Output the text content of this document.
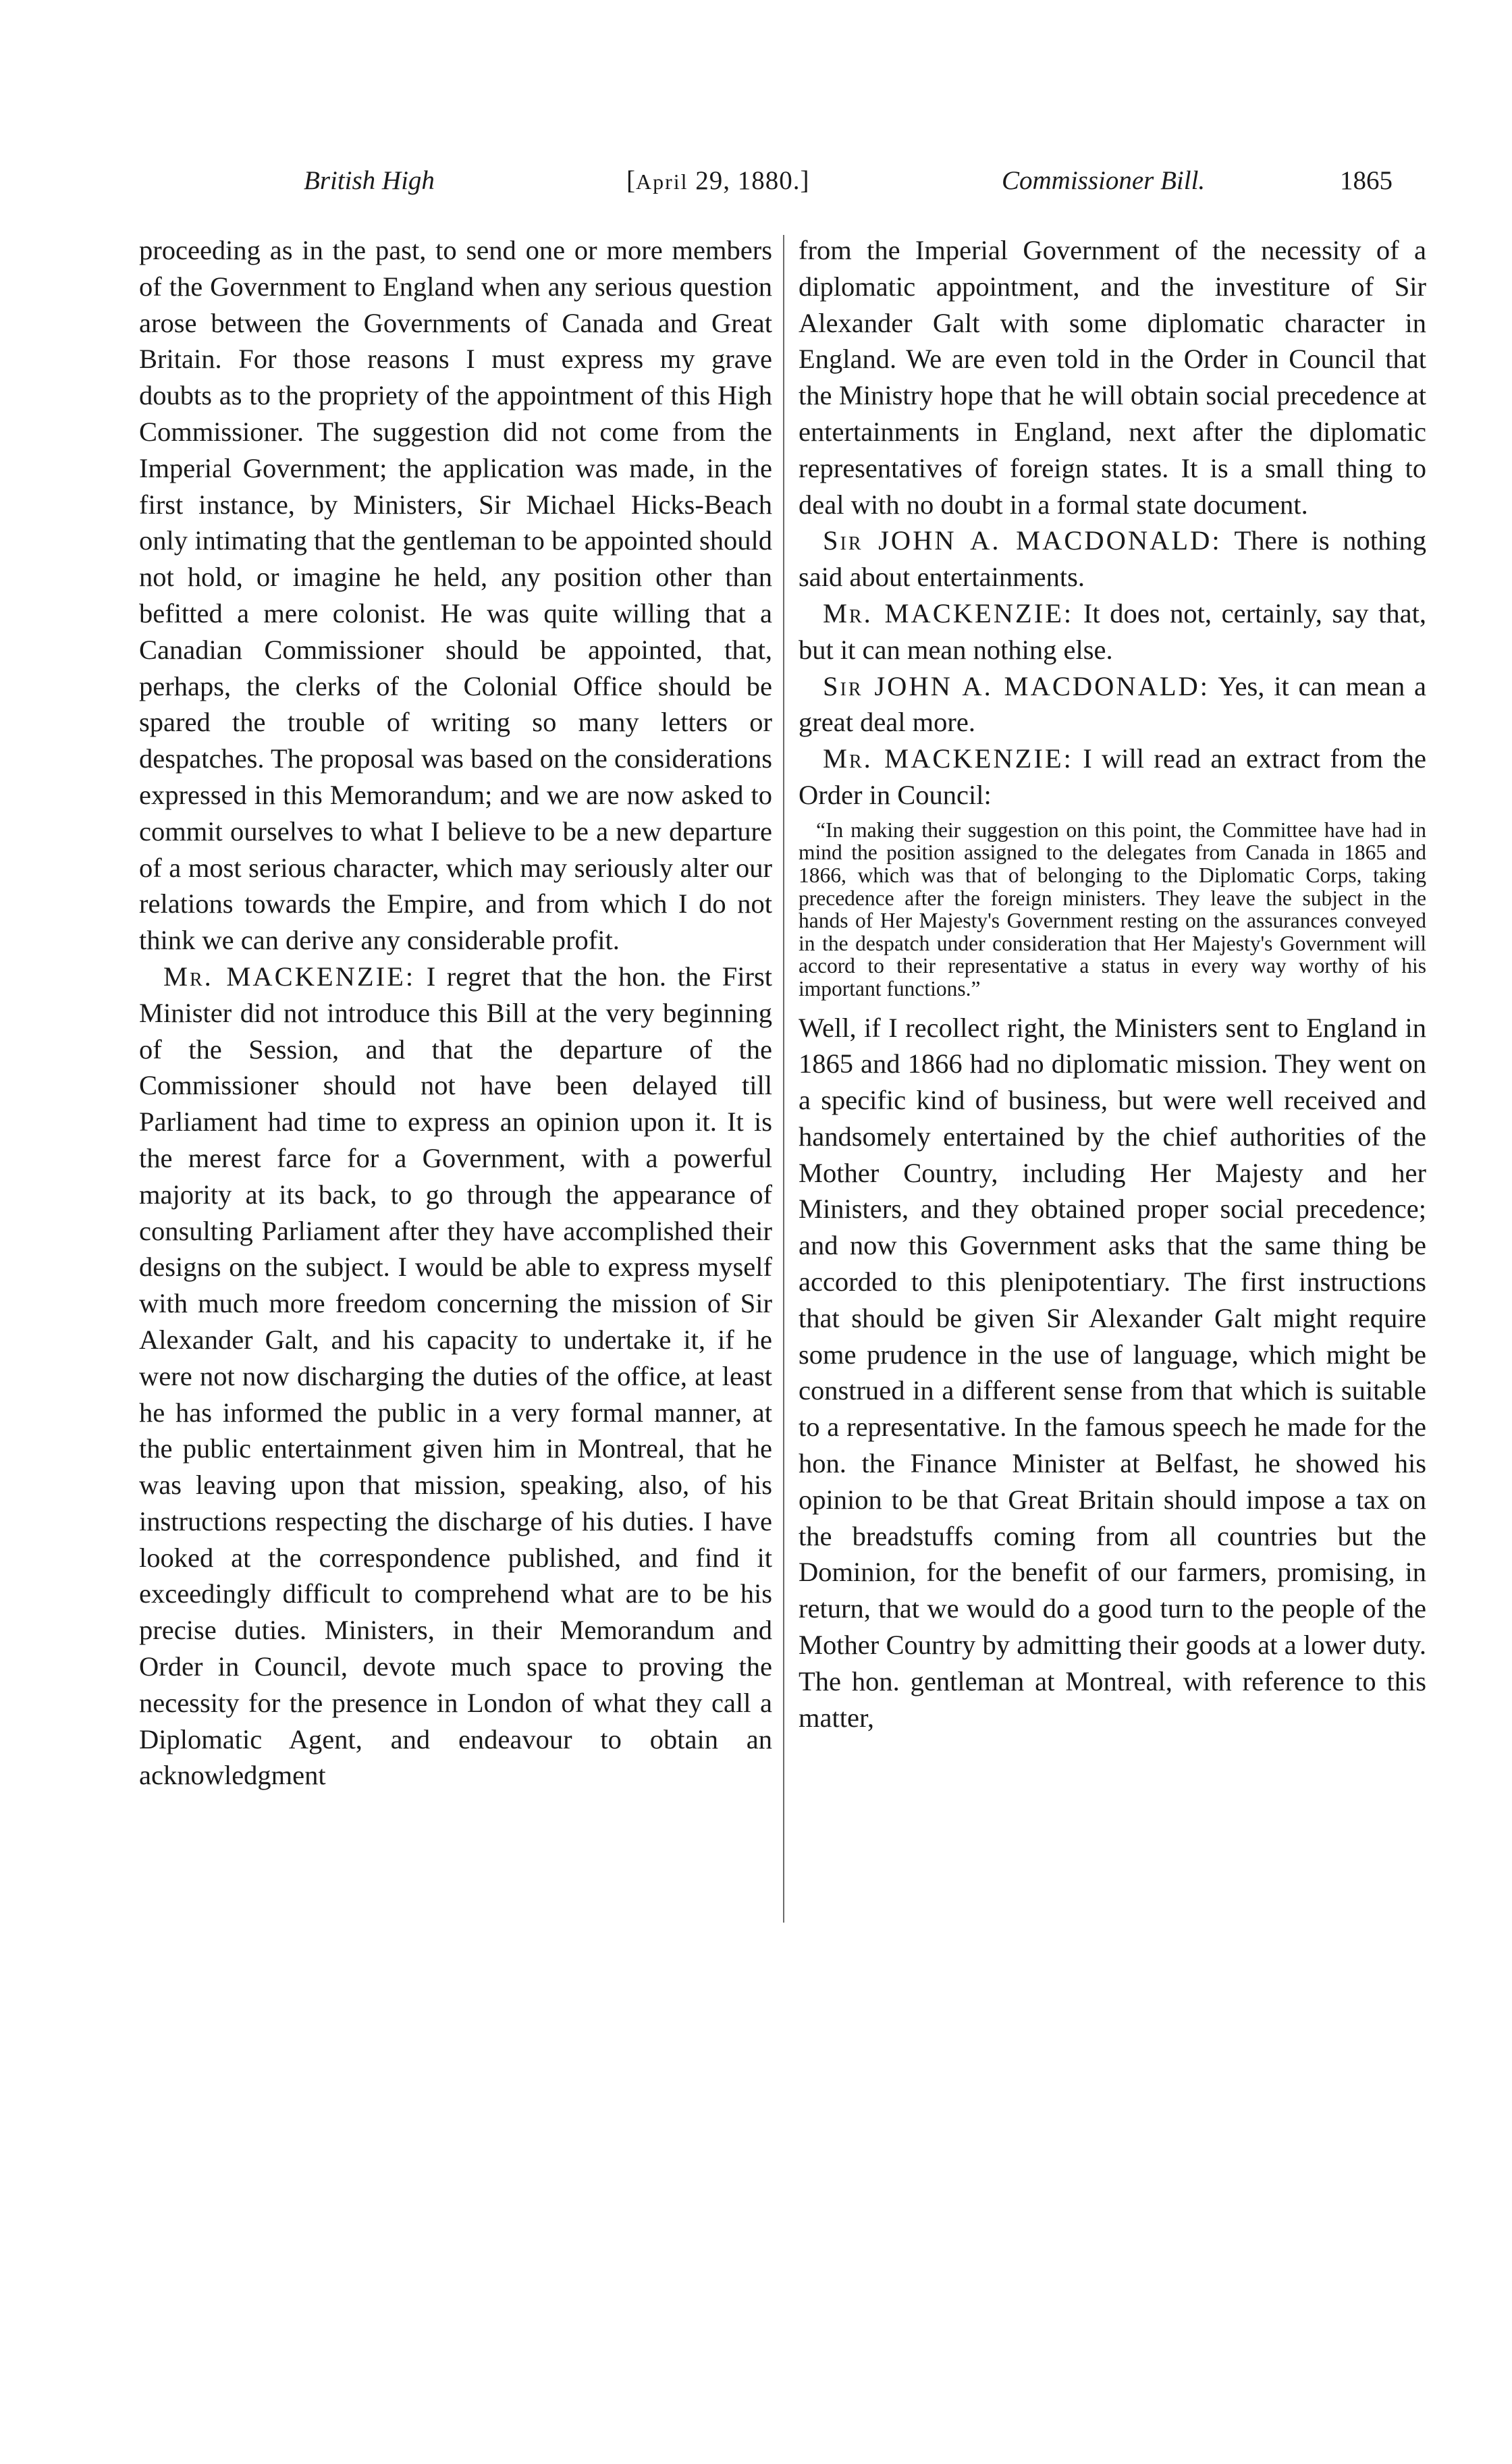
British High	[April 29, 1880.]	Commissioner Bill.	1865

proceeding as in the past, to send one or more members of the Government to England when any serious question arose between the Governments of Canada and Great Britain. For those reasons I must express my grave doubts as to the propriety of the appointment of this High Commissioner. The suggestion did not come from the Imperial Government; the application was made, in the first instance, by Ministers, Sir Michael Hicks-Beach only intimating that the gentleman to be appointed should not hold, or imagine he held, any position other than befitted a mere colonist. He was quite willing that a Canadian Commissioner should be appointed, that, perhaps, the clerks of the Colonial Office should be spared the trouble of writing so many letters or despatches. The proposal was based on the considerations expressed in this Memorandum; and we are now asked to commit ourselves to what I believe to be a new departure of a most serious character, which may seriously alter our relations towards the Empire, and from which I do not think we can derive any considerable profit.

Mr. MACKENZIE: I regret that the hon. the First Minister did not introduce this Bill at the very beginning of the Session, and that the departure of the Commissioner should not have been delayed till Parliament had time to express an opinion upon it. It is the merest farce for a Government, with a powerful majority at its back, to go through the appearance of consulting Parliament after they have accomplished their designs on the subject. I would be able to express myself with much more freedom concerning the mission of Sir Alexander Galt, and his capacity to undertake it, if he were not now discharging the duties of the office, at least he has informed the public in a very formal manner, at the public entertainment given him in Montreal, that he was leaving upon that mission, speaking, also, of his instructions respecting the discharge of his duties. I have looked at the correspondence published, and find it exceedingly difficult to comprehend what are to be his precise duties. Ministers, in their Memorandum and Order in Council, devote much space to proving the necessity for the presence in London of what they call a Diplomatic Agent, and endeavour to obtain an acknowledgment

from the Imperial Government of the necessity of a diplomatic appointment, and the investiture of Sir Alexander Galt with some diplomatic character in England. We are even told in the Order in Council that the Ministry hope that he will obtain social precedence at entertainments in England, next after the diplomatic representatives of foreign states. It is a small thing to deal with no doubt in a formal state document.

Sir JOHN A. MACDONALD: There is nothing said about entertainments.

Mr. MACKENZIE: It does not, certainly, say that, but it can mean nothing else.

Sir JOHN A. MACDONALD: Yes, it can mean a great deal more.

Mr. MACKENZIE: I will read an extract from the Order in Council:

“In making their suggestion on this point, the Committee have had in mind the position assigned to the delegates from Canada in 1865 and 1866, which was that of belonging to the Diplomatic Corps, taking precedence after the foreign ministers. They leave the subject in the hands of Her Majesty's Government resting on the assurances conveyed in the despatch under consideration that Her Majesty's Government will accord to their representative a status in every way worthy of his important functions.”

Well, if I recollect right, the Ministers sent to England in 1865 and 1866 had no diplomatic mission. They went on a specific kind of business, but were well received and handsomely entertained by the chief authorities of the Mother Country, including Her Majesty and her Ministers, and they obtained proper social precedence; and now this Government asks that the same thing be accorded to this plenipotentiary. The first instructions that should be given Sir Alexander Galt might require some prudence in the use of language, which might be construed in a different sense from that which is suitable to a representative. In the famous speech he made for the hon. the Finance Minister at Belfast, he showed his opinion to be that Great Britain should impose a tax on the breadstuffs coming from all countries but the Dominion, for the benefit of our farmers, promising, in return, that we would do a good turn to the people of the Mother Country by admitting their goods at a lower duty. The hon. gentleman at Montreal, with reference to this matter,
